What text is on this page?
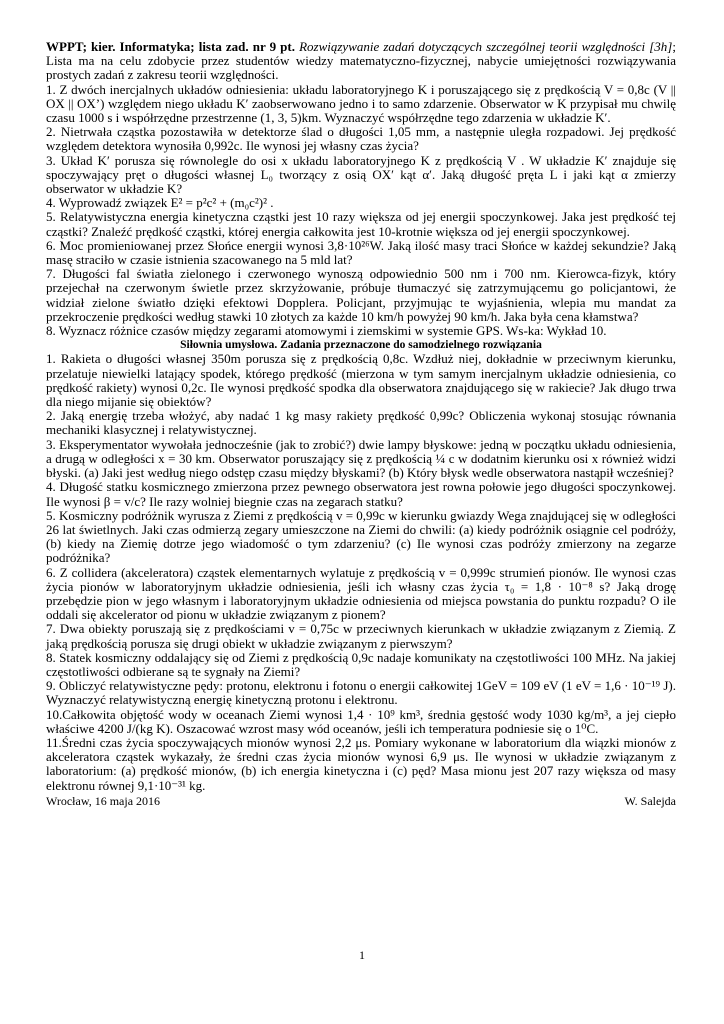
WPPT; kier. Informatyka; lista zad. nr 9 pt. Rozwiązywanie zadań dotyczących szczególnej teorii względności [3h]; Lista ma na celu zdobycie przez studentów wiedzy matematyczno-fizycznej, nabycie umiejętności rozwiązywania prostych zadań z zakresu teorii względności.

1. Z dwóch inercjalnych układów odniesienia: układu laboratoryjnego K i poruszającego się z prędkością V = 0,8c (V || OX || OX’) względem niego układu K′ zaobserwowano jedno i to samo zdarzenie. Obserwator w K przypisał mu chwilę czasu 1000 s i współrzędne przestrzenne (1, 3, 5)km. Wyznaczyć współrzędne tego zdarzenia w układzie K′.

2. Nietrwała cząstka pozostawiła w detektorze ślad o długości 1,05 mm, a następnie uległa rozpadowi. Jej prędkość względem detektora wynosiła 0,992c. Ile wynosi jej własny czas życia?

3. Układ K′ porusza się równolegle do osi x układu laboratoryjnego K z prędkością V . W układzie K′ znajduje się spoczywający pręt o długości własnej L₀ tworzący z osią OX′ kąt α′. Jaką długość pręta L i jaki kąt α zmierzy obserwator w układzie K?

4. Wyprowadź związek E² = p²c² + (m₀c²)² .

5. Relatywistyczna energia kinetyczna cząstki jest 10 razy większa od jej energii spoczynkowej. Jaka jest prędkość tej cząstki? Znaleźć prędkość cząstki, której energia całkowita jest 10-krotnie większa od jej energii spoczynkowej.

6. Moc promieniowanej przez Słońce energii wynosi 3,8·10²⁶W. Jaką ilość masy traci Słońce w każdej sekundzie? Jaką masę straciło w czasie istnienia szacowanego na 5 mld lat?

7. Długości fal światła zielonego i czerwonego wynoszą odpowiednio 500 nm i 700 nm. Kierowca-fizyk, który przejechał na czerwonym świetle przez skrzyżowanie, próbuje tłumaczyć się zatrzymującemu go policjantowi, że widział zielone światło dzięki efektowi Dopplera. Policjant, przyjmując te wyjaśnienia, wlepia mu mandat za przekroczenie prędkości według stawki 10 złotych za każde 10 km/h powyżej 90 km/h. Jaka była cena kłamstwa?

8. Wyznacz różnice czasów między zegarami atomowymi i ziemskimi w systemie GPS. Ws-ka: Wykład 10.

Siłownia umysłowa. Zadania przeznaczone do samodzielnego rozwiązania

1. Rakieta o długości własnej 350m porusza się z prędkością 0,8c. Wzdłuż niej, dokładnie w przeciwnym kierunku, przelatuje niewielki latający spodek, którego prędkość (mierzona w tym samym inercjalnym układzie odniesienia, co prędkość rakiety) wynosi 0,2c. Ile wynosi prędkość spodka dla obserwatora znajdującego się w rakiecie? Jak długo trwa dla niego mijanie się obiektów?

2. Jaką energię trzeba włożyć, aby nadać 1 kg masy rakiety prędkość 0,99c? Obliczenia wykonaj stosując równania mechaniki klasycznej i relatywistycznej.

3. Eksperymentator wywołała jednocześnie (jak to zrobić?) dwie lampy błyskowe: jedną w początku układu odniesienia, a drugą w odległości x = 30 km. Obserwator poruszający się z prędkością ¼ c w dodatnim kierunku osi x również widzi błyski. (a) Jaki jest według niego odstęp czasu między błyskami? (b) Który błysk wedle obserwatora nastąpił wcześniej?

4. Długość statku kosmicznego zmierzona przez pewnego obserwatora jest rowna połowie jego długości spoczynkowej. Ile wynosi β = v/c? Ile razy wolniej biegnie czas na zegarach statku?

5. Kosmiczny podróżnik wyrusza z Ziemi z prędkością v = 0,99c w kierunku gwiazdy Wega znajdującej się w odległości 26 lat świetlnych. Jaki czas odmierzą zegary umieszczone na Ziemi do chwili: (a) kiedy podróżnik osiągnie cel podróży, (b) kiedy na Ziemię dotrze jego wiadomość o tym zdarzeniu? (c) Ile wynosi czas podróży zmierzony na zegarze podróżnika?

6. Z collidera (akceleratora) cząstek elementarnych wylatuje z prędkością v = 0,999c strumień pionów. Ile wynosi czas życia pionów w laboratoryjnym układzie odniesienia, jeśli ich własny czas życia τ₀ = 1,8 · 10⁻⁸ s? Jaką drogę przebędzie pion w jego własnym i laboratoryjnym układzie odniesienia od miejsca powstania do punktu rozpadu? O ile oddali się akcelerator od pionu w układzie związanym z pionem?

7. Dwa obiekty poruszają się z prędkościami v = 0,75c w przeciwnych kierunkach w układzie związanym z Ziemią. Z jaką prędkością porusza się drugi obiekt w układzie związanym z pierwszym?

8. Statek kosmiczny oddalający się od Ziemi z prędkością 0,9c nadaje komunikaty na częstotliwości 100 MHz. Na jakiej częstotliwości odbierane są te sygnały na Ziemi?

9. Obliczyć relatywistyczne pędy: protonu, elektronu i fotonu o energii całkowitej 1GeV = 109 eV (1 eV = 1,6 · 10⁻¹⁹ J). Wyznaczyć relatywistyczną energię kinetyczną protonu i elektronu.

10.Całkowita objętość wody w oceanach Ziemi wynosi 1,4 · 10⁹ km³, średnia gęstość wody 1030 kg/m³, a jej ciepło właściwe 4200 J/(kg K). Oszacować wzrost masy wód oceanów, jeśli ich temperatura podniesie się o 1⁰C.

11.Średni czas życia spoczywających mionów wynosi 2,2 μs. Pomiary wykonane w laboratorium dla wiązki mionów z akceleratora cząstek wykazały, że średni czas życia mionów wynosi 6,9 μs. Ile wynosi w układzie związanym z laboratorium: (a) prędkość mionów, (b) ich energia kinetyczna i (c) pęd? Masa mionu jest 207 razy większa od masy elektronu równej 9,1·10⁻³¹ kg.

Wrocław, 16 maja 2016	W. Salejda
1
